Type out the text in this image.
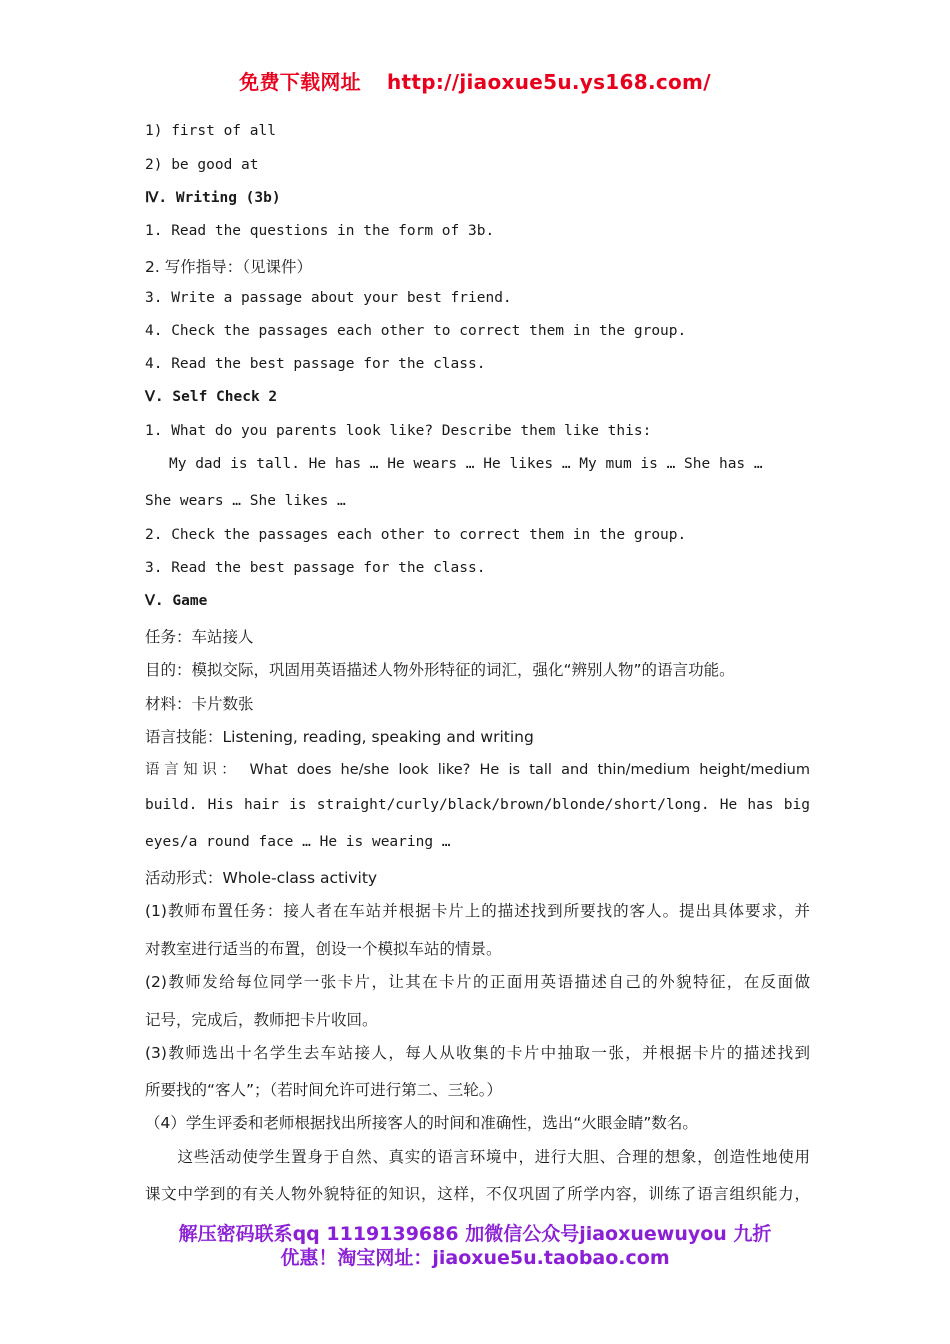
免费下载网址 http://jiaoxue5u.ys168.com/
1) first of all
2) be good at
Ⅳ. Writing (3b)
1. Read the questions in the form of 3b.
2. 写作指导：（见课件）
3. Write a passage about your best friend.
4. Check the passages each other to correct them in the group.
4. Read the best passage for the class.
Ⅴ. Self Check 2
1. What do you parents look like? Describe them like this:
My dad is tall. He has … He wears … He likes … My mum is … She has …
She wears … She likes …
2. Check the passages each other to correct them in the group.
3. Read the best passage for the class.
Ⅴ. Game
任务：车站接人
目的：模拟交际，巩固用英语描述人物外形特征的词汇，强化“辨别人物”的语言功能。
材料：卡片数张
语言技能：Listening, reading, speaking and writing
语言知识： What does he/she look like? He is tall and thin/medium height/medium
build. His hair is straight/curly/black/brown/blonde/short/long. He has big
eyes/a round face … He is wearing …
活动形式：Whole-class activity
(1)教师布置任务：接人者在车站并根据卡片上的描述找到所要找的客人。提出具体要求，并
对教室进行适当的布置，创设一个模拟车站的情景。
(2)教师发给每位同学一张卡片，让其在卡片的正面用英语描述自己的外貌特征，在反面做
记号，完成后，教师把卡片收回。
(3)教师选出十名学生去车站接人，每人从收集的卡片中抽取一张，并根据卡片的描述找到
所要找的“客人”；（若时间允许可进行第二、三轮。）
（4）学生评委和老师根据找出所接客人的时间和准确性，选出“火眼金睛”数名。
　　这些活动使学生置身于自然、真实的语言环境中，进行大胆、合理的想象，创造性地使用
课文中学到的有关人物外貌特征的知识，这样，不仅巩固了所学内容，训练了语言组织能力，
解压密码联系qq 1119139686 加微信公众号jiaoxuewuyou 九折
优惠！淘宝网址：jiaoxue5u.taobao.com
